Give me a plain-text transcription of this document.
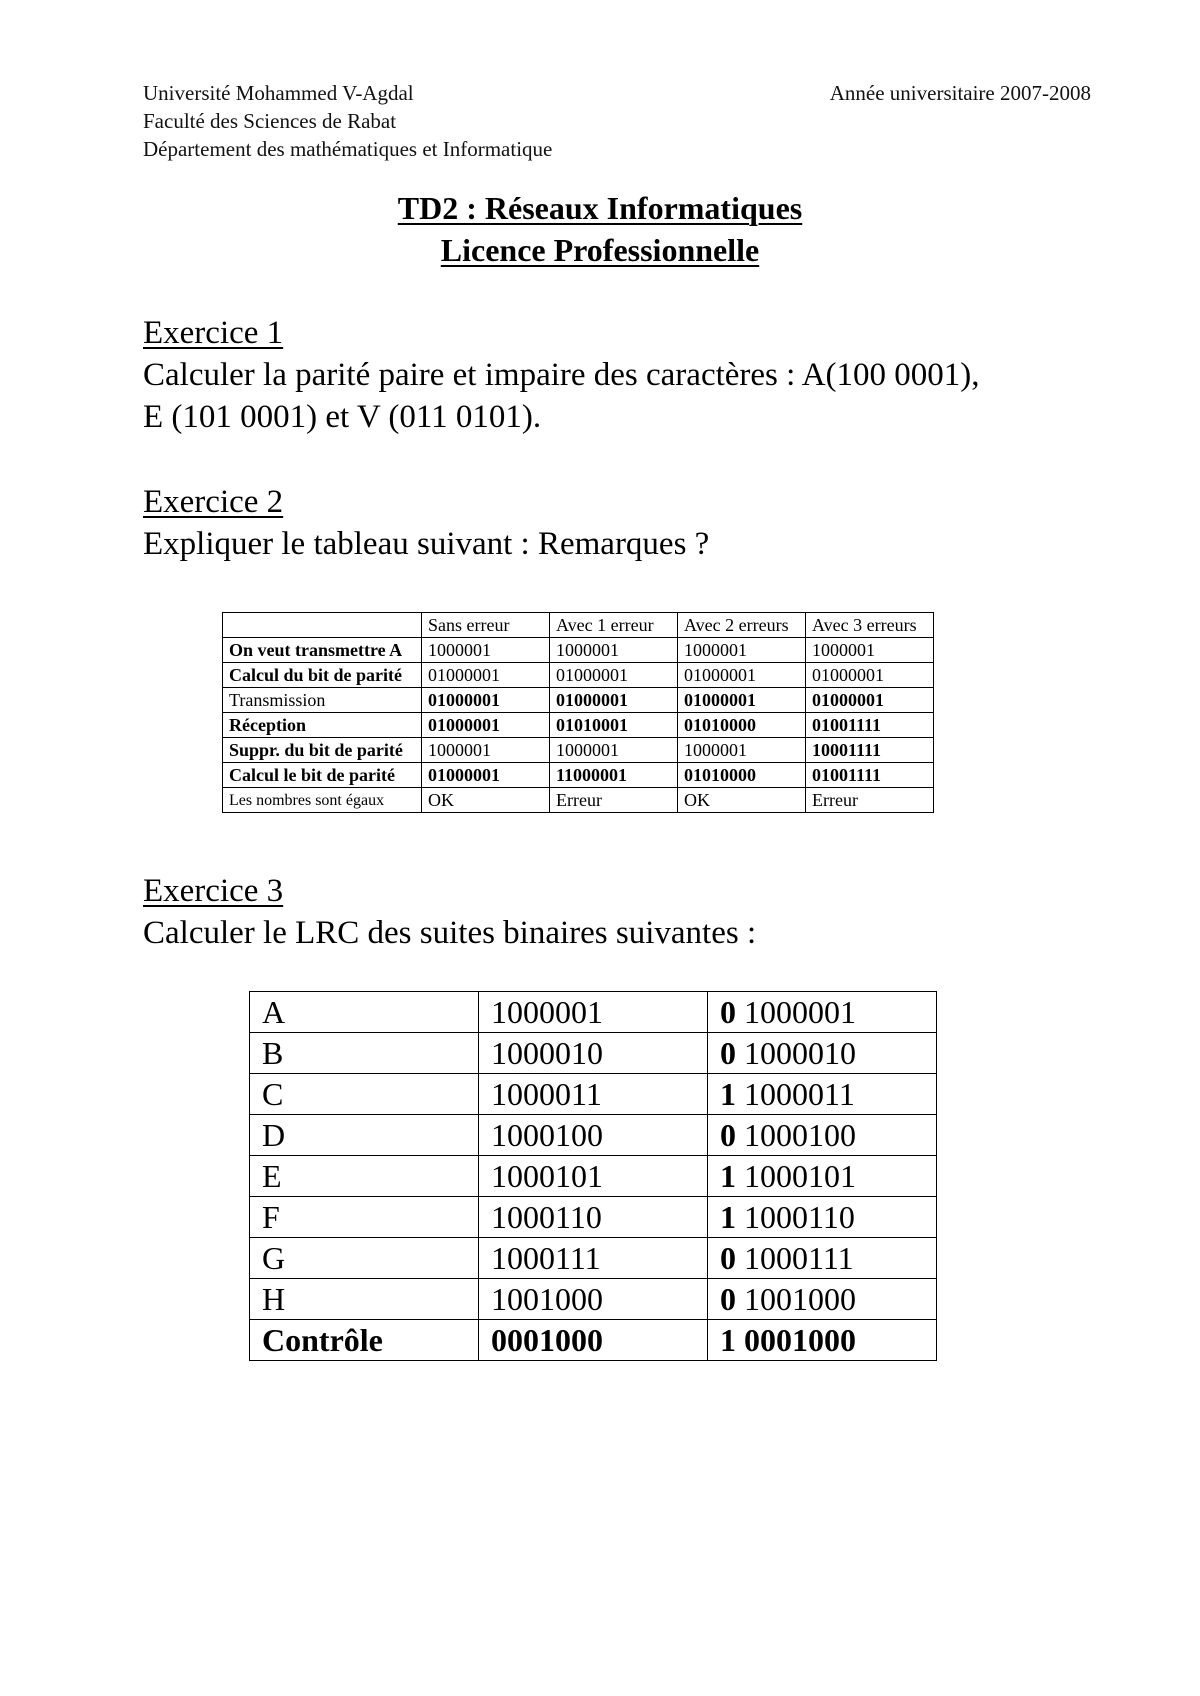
Université Mohammed V-Agdal
Faculté des Sciences de Rabat
Département des mathématiques et Informatique
Année universitaire 2007-2008
TD2 : Réseaux Informatiques
Licence Professionnelle
Exercice 1
Calculer la parité paire et impaire des caractères : A(100 0001), E (101 0001) et V (011 0101).
Exercice 2
Expliquer le tableau suivant : Remarques ?
	Sans erreur	Avec 1 erreur	Avec 2 erreurs	Avec 3 erreurs
On veut transmettre A	1000001	1000001	1000001	1000001
Calcul du bit de parité	01000001	01000001	01000001	01000001
Transmission	01000001	01000001	01000001	01000001
Réception	01000001	01010001	01010000	01001111
Suppr. du bit de parité	1000001	1000001	1000001	10001111
Calcul le bit de parité	01000001	11000001	01010000	01001111
Les nombres sont égaux	OK	Erreur	OK	Erreur
Exercice 3
Calculer le LRC des suites binaires suivantes :
A	1000001	0 1000001
B	1000010	0 1000010
C	1000011	1 1000011
D	1000100	0 1000100
E	1000101	1 1000101
F	1000110	1 1000110
G	1000111	0 1000111
H	1001000	0 1001000
Contrôle	0001000	1 0001000
